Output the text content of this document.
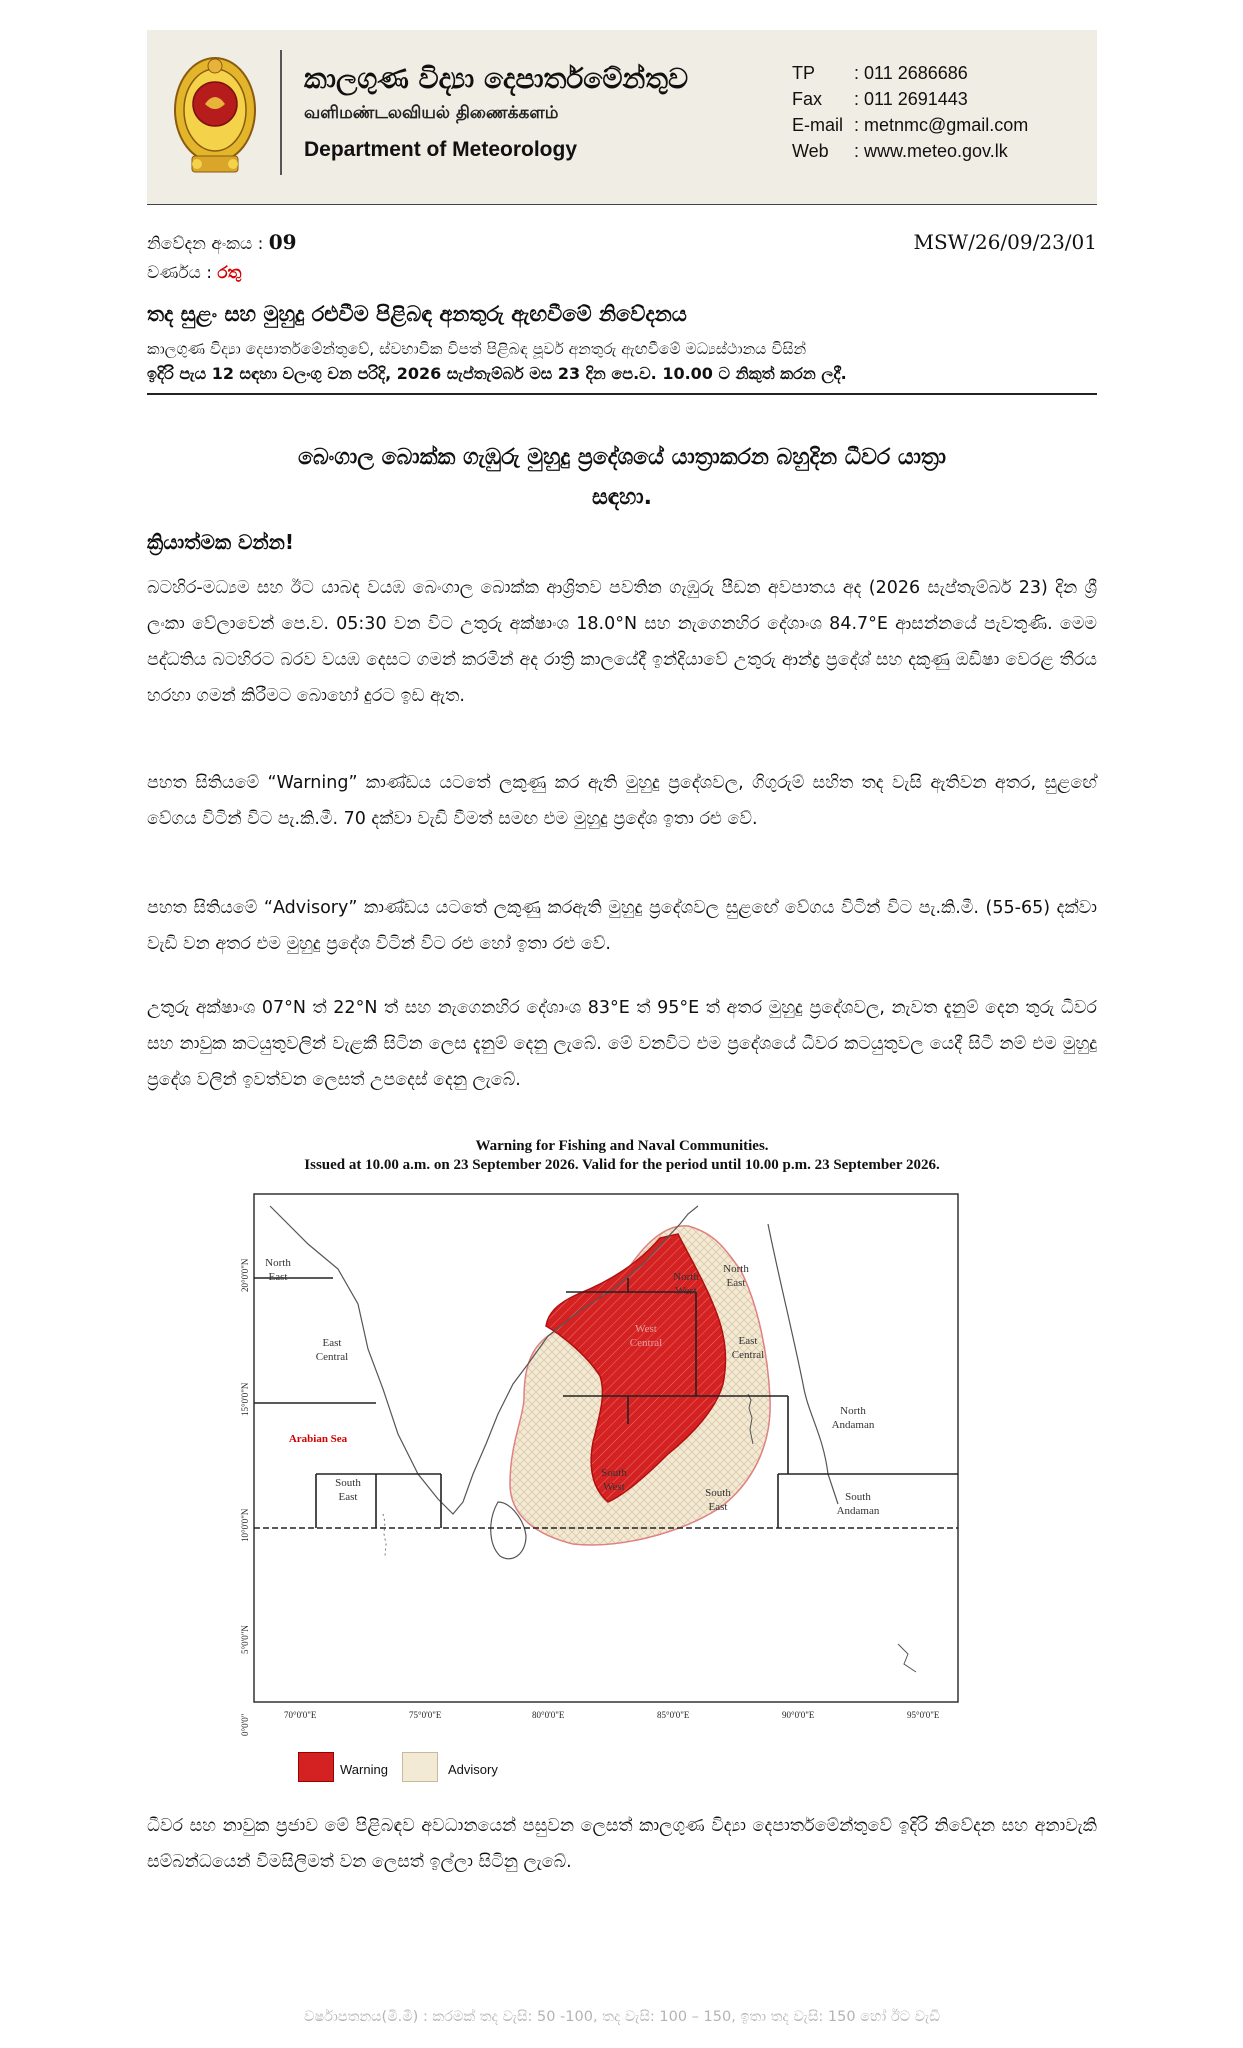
කාලගුණ විද්‍යා දෙපාර්තමේන්තුව
வளிமண்டலவியல் திணைக்களம்
Department of Meteorology
TP : 011 2686686
Fax : 011 2691443
E-mail : metnmc@gmail.com
Web : www.meteo.gov.lk
නිවේදන අංකය : 09	MSW/26/09/23/01
වර්ණය : රතු
තද සුළං සහ මුහුදු රළුවීම පිළිබඳ අනතුරු ඇඟවීමේ නිවේදනය
කාලගුණ විද්‍යා දෙපාර්තමේන්තුවේ, ස්වභාවික විපත් පිළිබඳ පූර්ව අනතුරු ඇඟවීමේ මධ්‍යස්ථානය විසින්
ඉදිරි පැය 12 සඳහා වලංගු වන පරිදි, 2026 සැප්තැම්බර් මස 23 දින පෙ.ව. 10.00 ට නිකුත් කරන ලදී.
බෙංගාල බොක්ක ගැඹුරු මුහුදු ප්‍රදේශයේ යාත්‍රාකරන බහුදින ධීවර යාත්‍රා
සඳහා.
ක්‍රියාත්මක වන්න!

බටහිර-මධ්‍යම සහ ඊට යාබද වයඹ බෙංගාල බොක්ක ආශ්‍රිතව පවතින ගැඹුරු පීඩන අවපාතය අද (2026 සැප්තැම්බර් 23) දින ශ්‍රී ලංකා වේලාවෙන් පෙ.ව. 05:30 වන විට උතුරු අක්ෂාංශ 18.0°N සහ නැගෙනහිර දේශාංශ 84.7°E ආසන්නයේ පැවතුණි. මෙම පද්ධතිය බටහිරට බරව වයඹ දෙසට ගමන් කරමින් අද රාත්‍රි කාලයේදී ඉන්දියාවේ උතුරු ආන්ද්‍ර ප්‍රදේශ් සහ දකුණු ඔඩිෂා වෙරළ තීරය හරහා ගමන් කිරීමට බොහෝ දුරට ඉඩ ඇත.

පහත සිතියමේ “Warning” කාණ්ඩය යටතේ ලකුණු කර ඇති මුහුදු ප්‍රදේශවල, ගිගුරුම් සහිත තද වැසි ඇතිවන අතර, සුළඟේ වේගය විටින් විට පැ.කි.මී. 70 දක්වා වැඩි වීමත් සමඟ එම මුහුදු ප්‍රදේශ ඉතා රළු වේ.

පහත සිතියමේ “Advisory” කාණ්ඩය යටතේ ලකුණු කරඇති මුහුදු ප්‍රදේශවල සුළඟේ වේගය විටින් විට පැ.කි.මී. (55-65) දක්වා වැඩි වන අතර එම මුහුදු ප්‍රදේශ විටින් විට රළු හෝ ඉතා රළු වේ.

උතුරු අක්ෂාංශ 07°N ත් 22°N ත් සහ නැගෙනහිර දේශාංශ 83°E ත් 95°E ත් අතර මුහුදු ප්‍රදේශවල, නැවත දැනුම් දෙන තුරු ධීවර සහ නාවුක කටයුතුවලින් වැළකී සිටින ලෙස දැනුම් දෙනු ලැබේ. මේ වනවිට එම ප්‍රදේශයේ ධීවර කටයුතුවල යෙදී සිටී නම් එම මුහුදු ප්‍රදේශ වලින් ඉවත්වන ලෙසත් උපදෙස් දෙනු ලැබේ.

Warning for Fishing and Naval Communities.
Issued at 10.00 a.m. on 23 September 2026. Valid for the period until 10.00 p.m. 23 September 2026.
20°0'0"N
15°0'0"N
10°0'0"N
5°0'0"N
0°0'0"	70°0'0"E	75°0'0"E	80°0'0"E	85°0'0"E	90°0'0"E	95°0'0"E
North
East
East
Central
Arabian Sea
South
East
North
East
North
West
West
Central	East
Central
South
West	South
East
North
Andaman
South
Andaman
Warning	Advisory

ධීවර සහ නාවුක ප්‍රජාව මේ පිළිබඳව අවධානයෙන් පසුවන ලෙසත් කාලගුණ විද්‍යා දෙපාර්තමේන්තුවේ ඉදිරි නිවේදන සහ අනාවැකි සම්බන්ධයෙන් විමසිලිමත් වන ලෙසත් ඉල්ලා සිටිනු ලැබේ.

වර්ෂාපතනය(මි.මී) : කරමක් තද වැසි: 50 -100, තද වැසි: 100 – 150, ඉතා තද වැසි: 150 හෝ ඊට වැඩි
